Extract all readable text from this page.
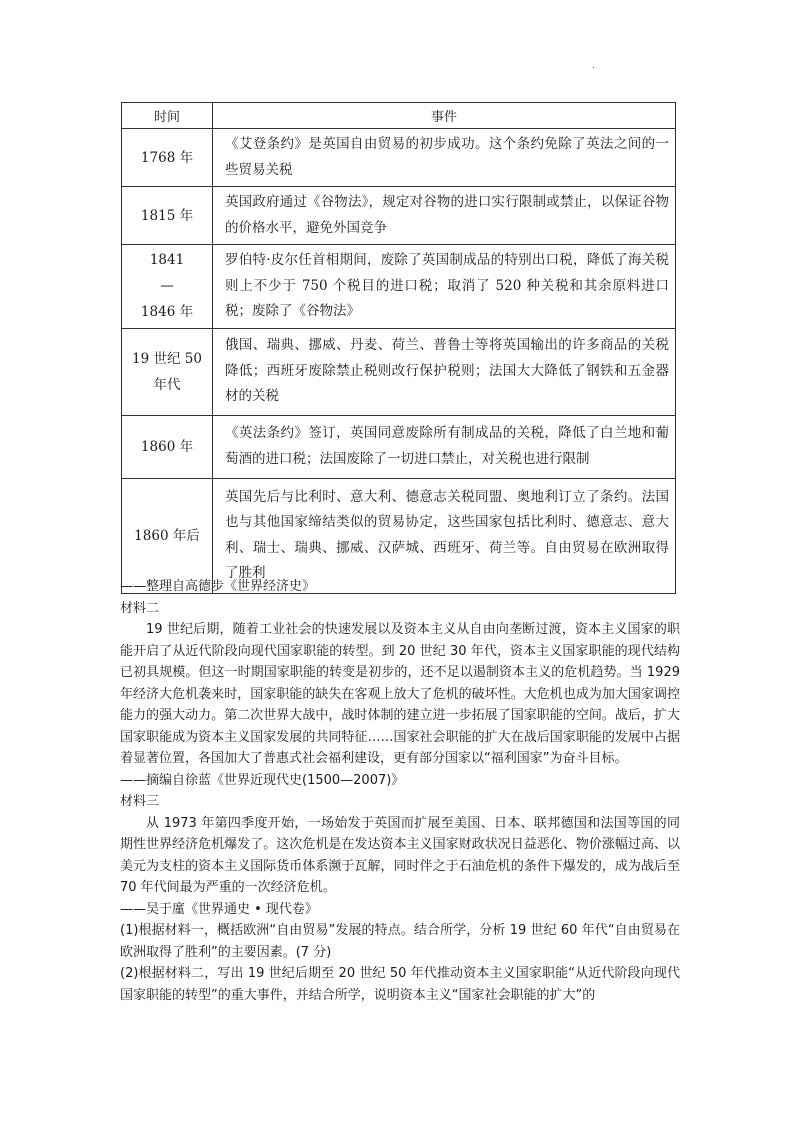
.
时间	事件
1768 年	《艾登条约》是英国自由贸易的初步成功。这个条约免除了英法之间的一些贸易关税
1815 年	英国政府通过《谷物法》，规定对谷物的进口实行限制或禁止，以保证谷物的价格水平，避免外国竞争
1841
—
1846 年	罗伯特·皮尔任首相期间，废除了英国制成品的特别出口税，降低了海关税则上不少于 750 个税目的进口税；取消了 520 种关税和其余原料进口税；废除了《谷物法》
19 世纪 50
年代	俄国、瑞典、挪威、丹麦、荷兰、普鲁士等将英国输出的许多商品的关税降低；西班牙废除禁止税则改行保护税则；法国大大降低了钢铁和五金器材的关税
1860 年	《英法条约》签订，英国同意废除所有制成品的关税，降低了白兰地和葡萄酒的进口税；法国废除了一切进口禁止，对关税也进行限制
1860 年后	英国先后与比利时、意大利、德意志关税同盟、奥地利订立了条约。法国也与其他国家缔结类似的贸易协定，这些国家包括比利时、德意志、意大利、瑞士、瑞典、挪威、汉萨城、西班牙、荷兰等。自由贸易在欧洲取得了胜利

——整理自高德步《世界经济史》

材料二

19 世纪后期，随着工业社会的快速发展以及资本主义从自由向垄断过渡，资本主义国家的职能开启了从近代阶段向现代国家职能的转型。到 20 世纪 30 年代，资本主义国家职能的现代结构已初具规模。但这一时期国家职能的转变是初步的，还不足以遏制资本主义的危机趋势。当 1929 年经济大危机袭来时，国家职能的缺失在客观上放大了危机的破坏性。大危机也成为加大国家调控能力的强大动力。第二次世界大战中，战时体制的建立进一步拓展了国家职能的空间。战后，扩大国家职能成为资本主义国家发展的共同特征……国家社会职能的扩大在战后国家职能的发展中占据着显著位置，各国加大了普惠式社会福利建设，更有部分国家以“福利国家”为奋斗目标。

——摘编自徐蓝《世界近现代史(1500—2007)》

材料三

从 1973 年第四季度开始，一场始发于英国而扩展至美国、日本、联邦德国和法国等国的同期性世界经济危机爆发了。这次危机是在发达资本主义国家财政状况日益恶化、物价涨幅过高、以美元为支柱的资本主义国际货币体系濒于瓦解，同时伴之于石油危机的条件下爆发的，成为战后至 70 年代间最为严重的一次经济危机。

——吴于廑《世界通史 • 现代卷》

(1)根据材料一，概括欧洲“自由贸易”发展的特点。结合所学，分析 19 世纪 60 年代“自由贸易在欧洲取得了胜利”的主要因素。(7 分)

(2)根据材料二，写出 19 世纪后期至 20 世纪 50 年代推动资本主义国家职能“从近代阶段向现代国家职能的转型”的重大事件，并结合所学，说明资本主义“国家社会职能的扩大”的
